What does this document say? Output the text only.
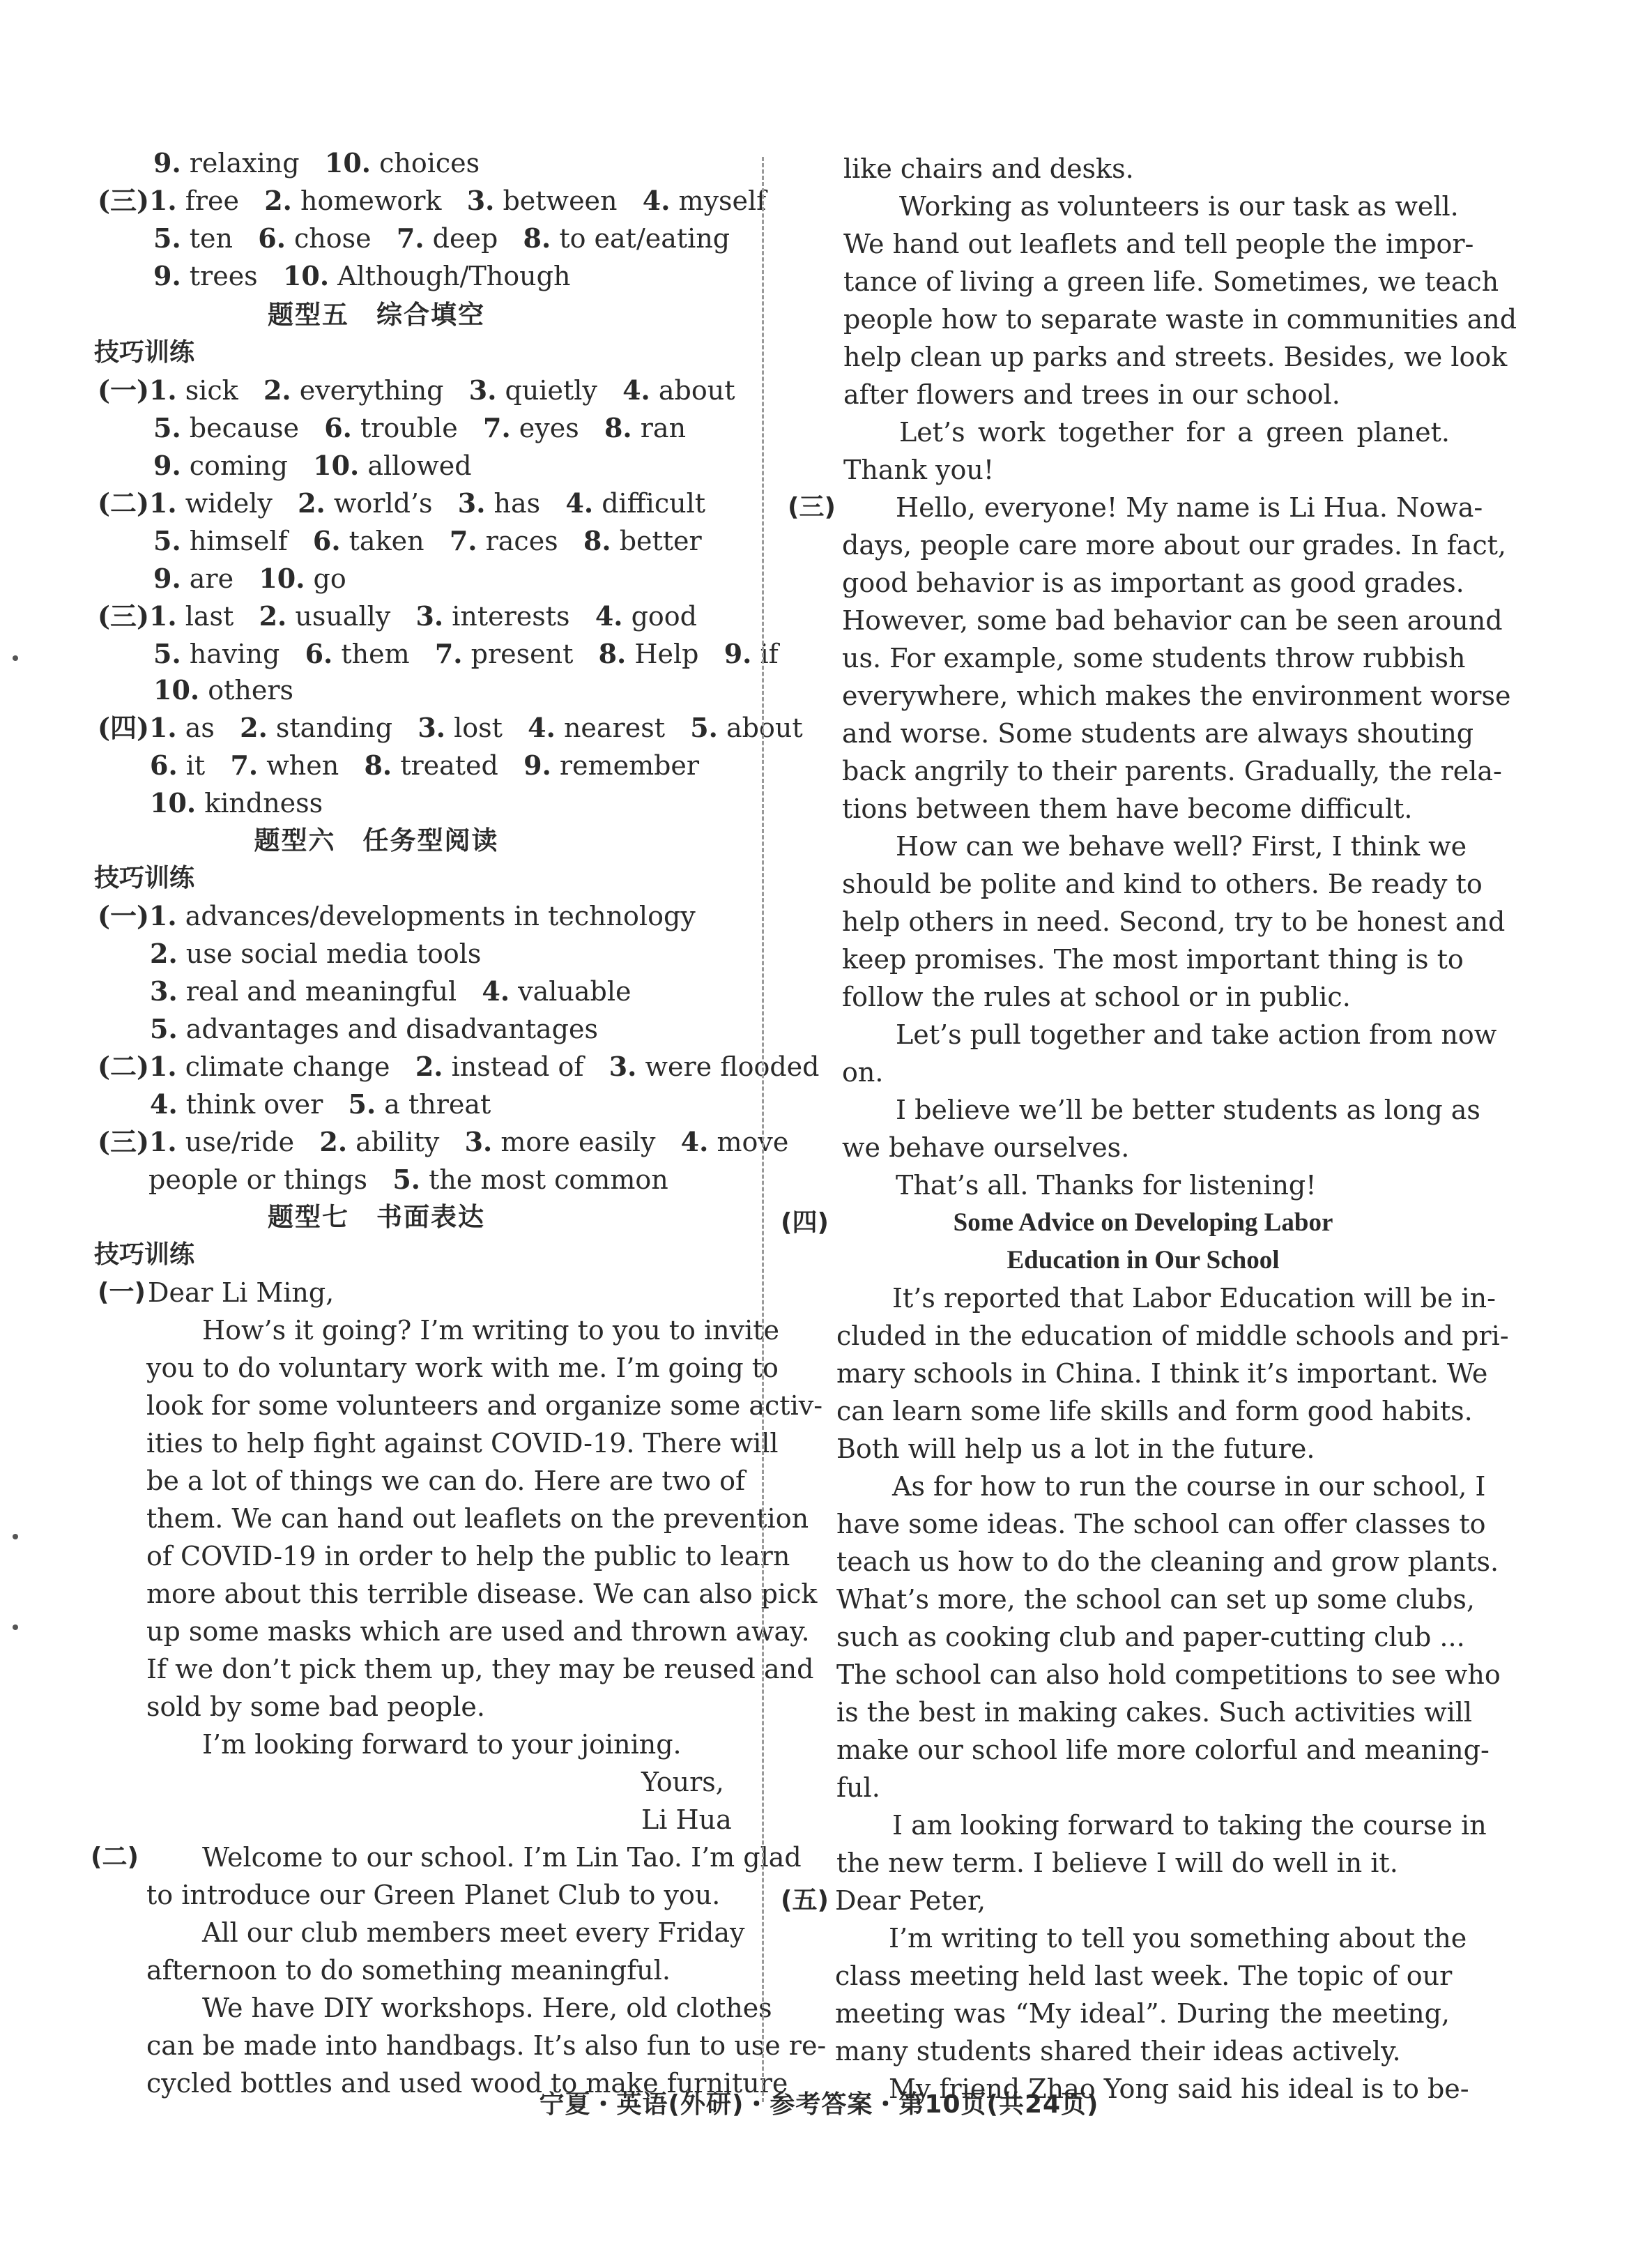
9. relaxing 10. choices
(三)1. free 2. homework 3. between 4. myself
5. ten 6. chose 7. deep 8. to eat/eating
9. trees 10. Although/Though
题型五　综合填空
技巧训练
(一)1. sick 2. everything 3. quietly 4. about
5. because 6. trouble 7. eyes 8. ran
9. coming 10. allowed
(二)1. widely 2. world’s 3. has 4. difficult
5. himself 6. taken 7. races 8. better
9. are 10. go
(三)1. last 2. usually 3. interests 4. good
5. having 6. them 7. present 8. Help 9. if
10. others
(四)1. as 2. standing 3. lost 4. nearest 5. about
6. it 7. when 8. treated 9. remember
10. kindness
题型六　任务型阅读
技巧训练
(一)1. advances/developments in technology
2. use social media tools
3. real and meaningful 4. valuable
5. advantages and disadvantages
(二)1. climate change 2. instead of 3. were flooded
4. think over 5. a threat
(三)1. use/ride 2. ability 3. more easily 4. move
people or things 5. the most common
题型七　书面表达
技巧训练
(一) Dear Li Ming,
How’s it going? I’m writing to you to invite
you to do voluntary work with me. I’m going to
look for some volunteers and organize some activ-
ities to help fight against COVID-19. There will
be a lot of things we can do. Here are two of
them. We can hand out leaflets on the prevention
of COVID-19 in order to help the public to learn
more about this terrible disease. We can also pick
up some masks which are used and thrown away.
If we don’t pick them up, they may be reused and
sold by some bad people.
I’m looking forward to your joining.
Yours,
Li Hua
(二) Welcome to our school. I’m Lin Tao. I’m glad
to introduce our Green Planet Club to you.
All our club members meet every Friday
afternoon to do something meaningful.
We have DIY workshops. Here, old clothes
can be made into handbags. It’s also fun to use re-
cycled bottles and used wood to make furniture
like chairs and desks.
Working as volunteers is our task as well.
We hand out leaflets and tell people the impor-
tance of living a green life. Sometimes, we teach
people how to separate waste in communities and
help clean up parks and streets. Besides, we look
after flowers and trees in our school.
Let’s work together for a green planet.
Thank you!
(三) Hello, everyone! My name is Li Hua. Nowa-
days, people care more about our grades. In fact,
good behavior is as important as good grades.
However, some bad behavior can be seen around
us. For example, some students throw rubbish
everywhere, which makes the environment worse
and worse. Some students are always shouting
back angrily to their parents. Gradually, the rela-
tions between them have become difficult.
How can we behave well? First, I think we
should be polite and kind to others. Be ready to
help others in need. Second, try to be honest and
keep promises. The most important thing is to
follow the rules at school or in public.
Let’s pull together and take action from now
on.
I believe we’ll be better students as long as
we behave ourselves.
That’s all. Thanks for listening!
(四)	Some Advice on Developing Labor
Education in Our School
It’s reported that Labor Education will be in-
cluded in the education of middle schools and pri-
mary schools in China. I think it’s important. We
can learn some life skills and form good habits.
Both will help us a lot in the future.
As for how to run the course in our school, I
have some ideas. The school can offer classes to
teach us how to do the cleaning and grow plants.
What’s more, the school can set up some clubs,
such as cooking club and paper-cutting club ...
The school can also hold competitions to see who
is the best in making cakes. Such activities will
make our school life more colorful and meaning-
ful.
I am looking forward to taking the course in
the new term. I believe I will do well in it.
(五) Dear Peter,
I’m writing to tell you something about the
class meeting held last week. The topic of our
meeting was “My ideal”. During the meeting,
many students shared their ideas actively.
My friend Zhao Yong said his ideal is to be-
宁夏・英语(外研)・参考答案・第10页(共24页)
